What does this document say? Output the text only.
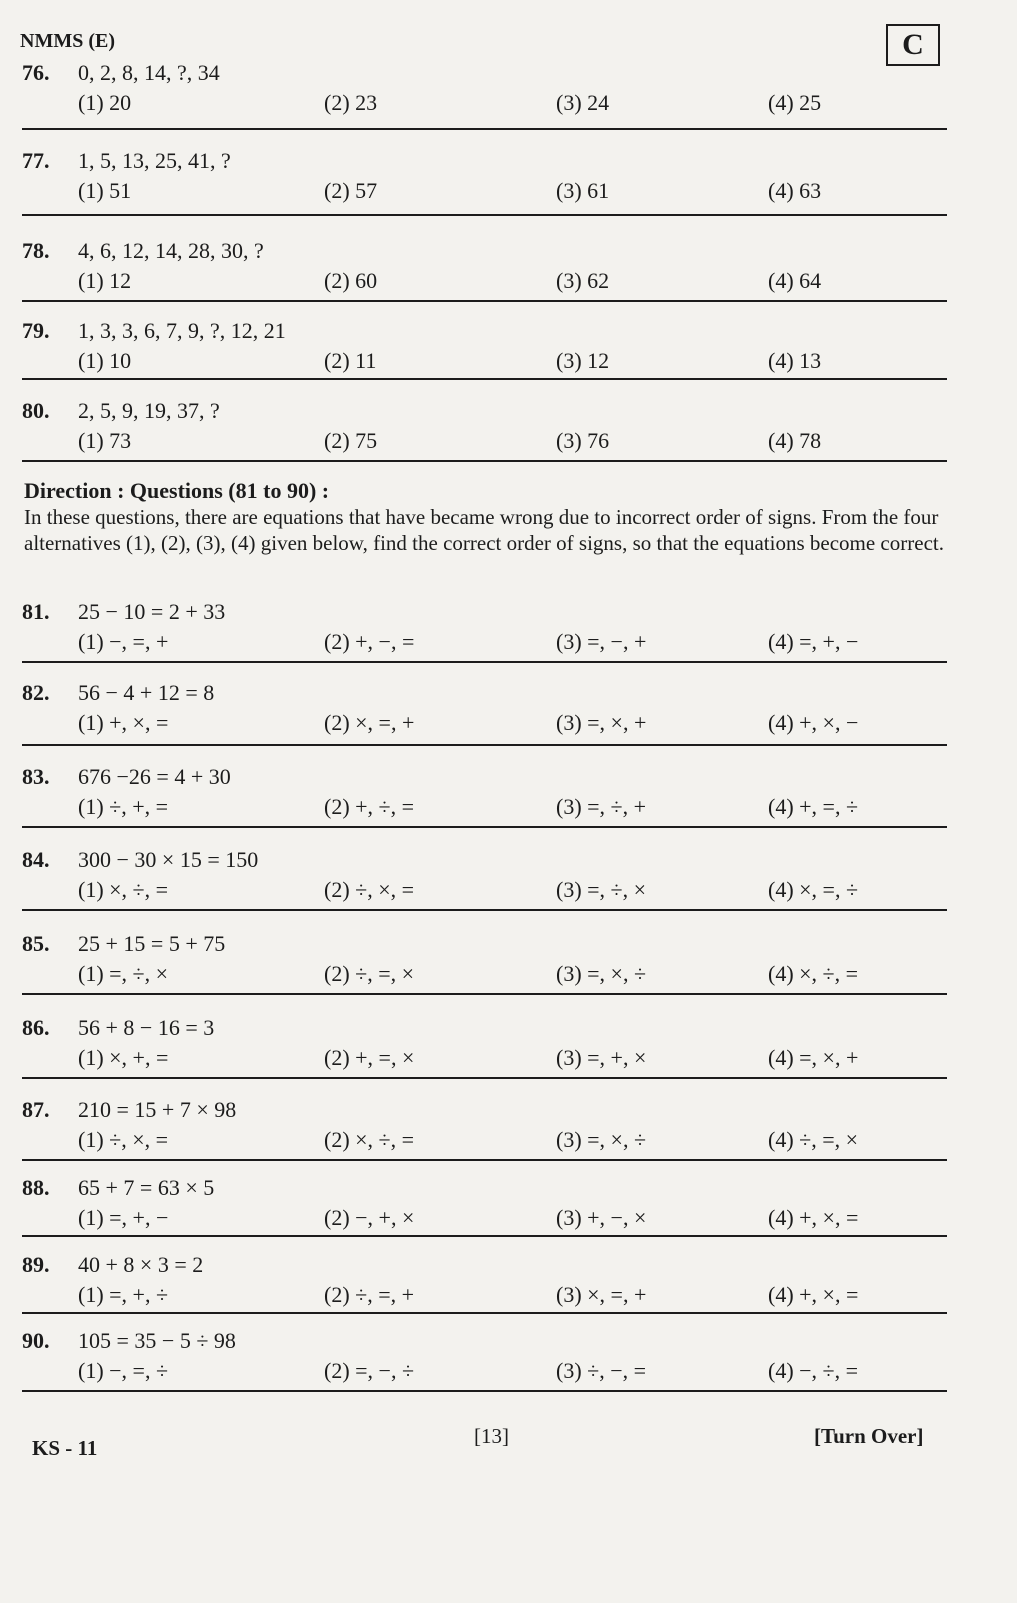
NMMS (E)	C
76. 0, 2, 8, 14, ?, 34
(1) 20	(2) 23	(3) 24	(4) 25
77. 1, 5, 13, 25, 41, ?
(1) 51	(2) 57	(3) 61	(4) 63
78. 4, 6, 12, 14, 28, 30, ?
(1) 12	(2) 60	(3) 62	(4) 64
79. 1, 3, 3, 6, 7, 9, ?, 12, 21
(1) 10	(2) 11	(3) 12	(4) 13
80. 2, 5, 9, 19, 37, ?
(1) 73	(2) 75	(3) 76	(4) 78
Direction : Questions (81 to 90) :
In these questions, there are equations that have became wrong due to incorrect order of signs. From the four alternatives (1), (2), (3), (4) given below, find the correct order of signs, so that the equations become correct.
81. 25 − 10 = 2 + 33
(1) −, =, +	(2) +, −, =	(3) =, −, +	(4) =, +, −
82. 56 − 4 + 12 = 8
(1) +, ×, =	(2) ×, =, +	(3) =, ×, +	(4) +, ×, −
83. 676 −26 = 4 + 30
(1) ÷, +, =	(2) +, ÷, =	(3) =, ÷, +	(4) +, =, ÷
84. 300 − 30 × 15 = 150
(1) ×, ÷, =	(2) ÷, ×, =	(3) =, ÷, ×	(4) ×, =, ÷
85. 25 + 15 = 5 + 75
(1) =, ÷, ×	(2) ÷, =, ×	(3) =, ×, ÷	(4) ×, ÷, =
86. 56 + 8 − 16 = 3
(1) ×, +, =	(2) +, =, ×	(3) =, +, ×	(4) =, ×, +
87. 210 = 15 + 7 × 98
(1) ÷, ×, =	(2) ×, ÷, =	(3) =, ×, ÷	(4) ÷, =, ×
88. 65 + 7 = 63 × 5
(1) =, +, −	(2) −, +, ×	(3) +, −, ×	(4) +, ×, =
89. 40 + 8 × 3 = 2
(1) =, +, ÷	(2) ÷, =, +	(3) ×, =, +	(4) +, ×, =
90. 105 = 35 − 5 ÷ 98
(1) −, =, ÷	(2) =, −, ÷	(3) ÷, −, =	(4) −, ÷, =
KS - 11	[13]	[Turn Over]
